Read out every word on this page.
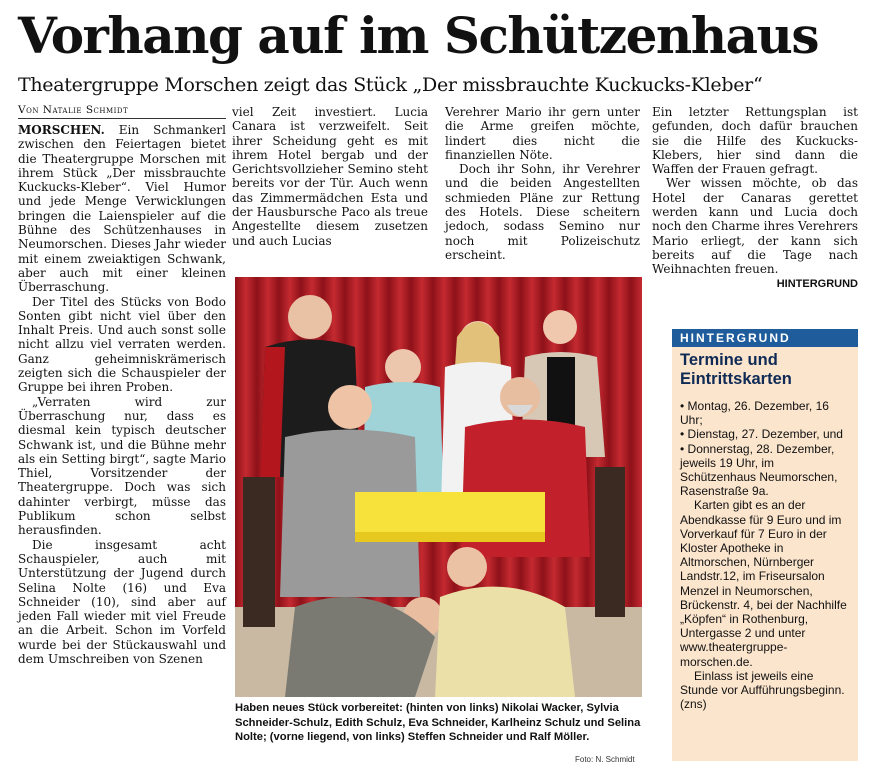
Vorhang auf im Schützenhaus
Theatergruppe Morschen zeigt das Stück „Der missbrauchte Kuckucks-Kleber“
Von Natalie Schmidt

MORSCHEN. Ein Schmankerl zwischen den Feiertagen bietet die Theatergruppe Morschen mit ihrem Stück „Der missbrauchte Kuckucks-Kleber“. Viel Humor und jede Menge Verwicklungen bringen die Laienspieler auf die Bühne des Schützenhauses in Neumorschen. Dieses Jahr wieder mit einem zweiaktigen Schwank, aber auch mit einer kleinen Überraschung.

Der Titel des Stücks von Bodo Sonten gibt nicht viel über den Inhalt Preis. Und auch sonst solle nicht allzu viel verraten werden. Ganz geheimniskrämerisch zeigten sich die Schauspieler der Gruppe bei ihren Proben.

„Verraten wird zur Überraschung nur, dass es diesmal kein typisch deutscher Schwank ist, und die Bühne mehr als ein Setting birgt“, sagte Mario Thiel, Vorsitzender der Theatergruppe. Doch was sich dahinter verbirgt, müsse das Publikum schon selbst herausfinden.

Die insgesamt acht Schauspieler, auch mit Unterstützung der Jugend durch Selina Nolte (16) und Eva Schneider (10), sind aber auf jeden Fall wieder mit viel Freude an die Arbeit. Schon im Vorfeld wurde bei der Stückauswahl und dem Umschreiben von Szenen

viel Zeit investiert. Lucia Canara ist verzweifelt. Seit ihrer Scheidung geht es mit ihrem Hotel bergab und der Gerichtsvollzieher Semino steht bereits vor der Tür. Auch wenn das Zimmermädchen Esta und der Hausbursche Paco als treue Angestellte diesem zusetzen und auch Lucias

Verehrer Mario ihr gern unter die Arme greifen möchte, lindert dies nicht die finanziellen Nöte.

Doch ihr Sohn, ihr Verehrer und die beiden Angestellten schmieden Pläne zur Rettung des Hotels. Diese scheitern jedoch, sodass Semino nur noch mit Polizeischutz erscheint.

Ein letzter Rettungsplan ist gefunden, doch dafür brauchen sie die Hilfe des Kuckucks-Klebers, hier sind dann die Waffen der Frauen gefragt.

Wer wissen möchte, ob das Hotel der Canaras gerettet werden kann und Lucia doch noch den Charme ihres Verehrers Mario erliegt, der kann sich bereits auf die Tage nach Weihnachten freuen.

HINTERGRUND
Haben neues Stück vorbereitet: (hinten von links) Nikolai Wacker, Sylvia Schneider-Schulz, Edith Schulz, Eva Schneider, Karlheinz Schulz und Selina Nolte; (vorne liegend, von links) Steffen Schneider und Ralf Möller.
Foto: N. Schmidt
HINTERGRUND
Termine und Eintrittskarten

• Montag, 26. Dezember, 16 Uhr;

• Dienstag, 27. Dezember, und • Donnerstag, 28. Dezember, jeweils 19 Uhr, im Schützenhaus Neumorschen, Rasenstraße 9a.

Karten gibt es an der Abendkasse für 9 Euro und im Vorverkauf für 7 Euro in der Kloster Apotheke in Altmorschen, Nürnberger Landstr.12, im Friseursalon Menzel in Neumorschen, Brückenstr. 4, bei der Nachhilfe „Köpfen“ in Rothenburg, Untergasse 2 und unter www.theatergruppe-morschen.de.

Einlass ist jeweils eine Stunde vor Aufführungsbeginn. (zns)
